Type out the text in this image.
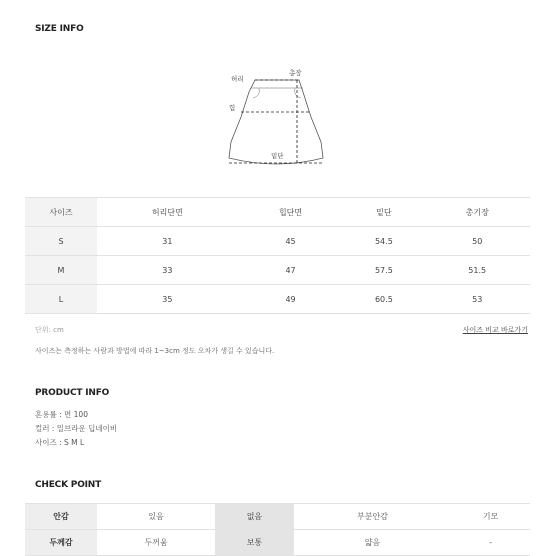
SIZE INFO
허리
총장
힙
밑단
사이즈	허리단면	힙단면	밑단	총기장
S	31	45	54.5	50
M	33	47	57.5	51.5
L	35	49	60.5	53
단위: cm	사이즈 비교 바로가기
사이즈는 측정하는 사람과 방법에 따라 1~3cm 정도 오차가 생길 수 있습니다.
PRODUCT INFO
혼용률 : 면 100
컬러 : 밀브라운 딥네이비
사이즈 : S M L
CHECK POINT
안감	있음	없음	부분안감	기모
두께감	두꺼움	보통	얇음	-
